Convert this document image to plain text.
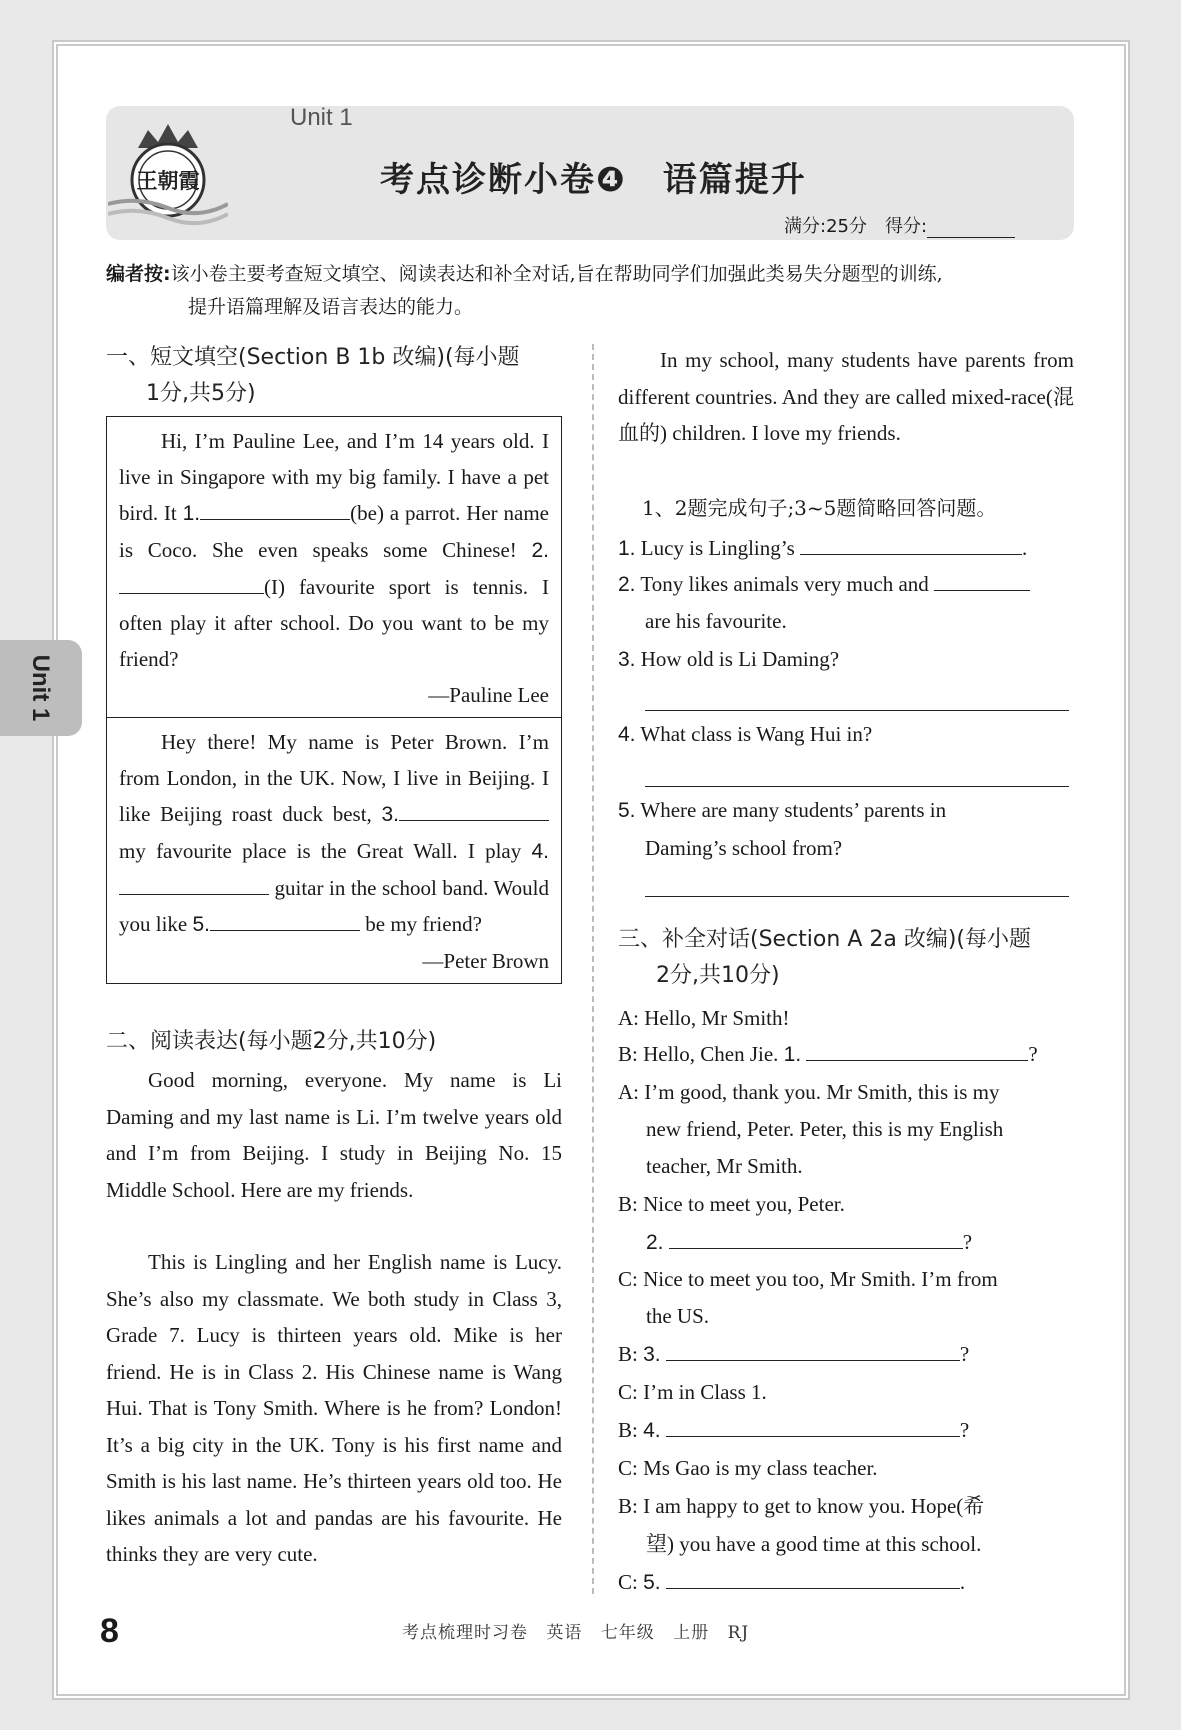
王朝霞
Unit 1
考点诊断小卷❹　语篇提升
满分:25分　得分:
编者按:该小卷主要考查短文填空、阅读表达和补全对话,旨在帮助同学们加强此类易失分题型的训练,
提升语篇理解及语言表达的能力。
Unit 1
一、短文填空(Section B 1b 改编)(每小题
1分,共5分)
Hi, I’m Pauline Lee, and I’m 14 years old. I live in Singapore with my big family. I have a pet bird. It 1.	(be) a parrot. Her name is Coco. She even speaks some Chinese! 2.(I) favourite sport is tennis. I often play it after school. Do you want to be my friend?
—Pauline Lee
Hey there! My name is Peter Brown. I’m from London, in the UK. Now, I live in Beijing. I like Beijing roast duck best, 3. my favourite place is the Great Wall. I play 4. guitar in the school band. Would you like 5.	be my friend?
—Peter Brown
二、阅读表达(每小题2分,共10分)
Good morning, everyone. My name is Li Daming and my last name is Li. I’m twelve years old and I’m from Beijing. I study in Beijing No. 15 Middle School. Here are my friends.
This is Lingling and her English name is Lucy. She’s also my classmate. We both study in Class 3, Grade 7. Lucy is thirteen years old. Mike is her friend. He is in Class 2. His Chinese name is Wang Hui. That is Tony Smith. Where is he from? London! It’s a big city in the UK. Tony is his first name and Smith is his last name. He’s thirteen years old too. He likes animals a lot and pandas are his favourite. He thinks they are very cute.
In my school, many students have parents from different countries. And they are called mixed-race(混血的) children. I love my friends.
1、2题完成句子;3~5题简略回答问题。
1. Lucy is Lingling’s	.
2. Tony likes animals very much and
are his favourite.
3. How old is Li Daming?
4. What class is Wang Hui in?
5. Where are many students’ parents in
Daming’s school from?
三、补全对话(Section A 2a 改编)(每小题
2分,共10分)
A: Hello, Mr Smith!
B: Hello, Chen Jie. 1.	?
A: I’m good, thank you. Mr Smith, this is my
new friend, Peter. Peter, this is my English
teacher, Mr Smith.
B: Nice to meet you, Peter.
2.	?
C: Nice to meet you too, Mr Smith. I’m from
the US.
B: 3.	?
C: I’m in Class 1.
B: 4.	?
C: Ms Gao is my class teacher.
B: I am happy to get to know you. Hope(希
望) you have a good time at this school.
C: 5.	.
8	考点梳理时习卷 英语 七年级 上册 RJ
